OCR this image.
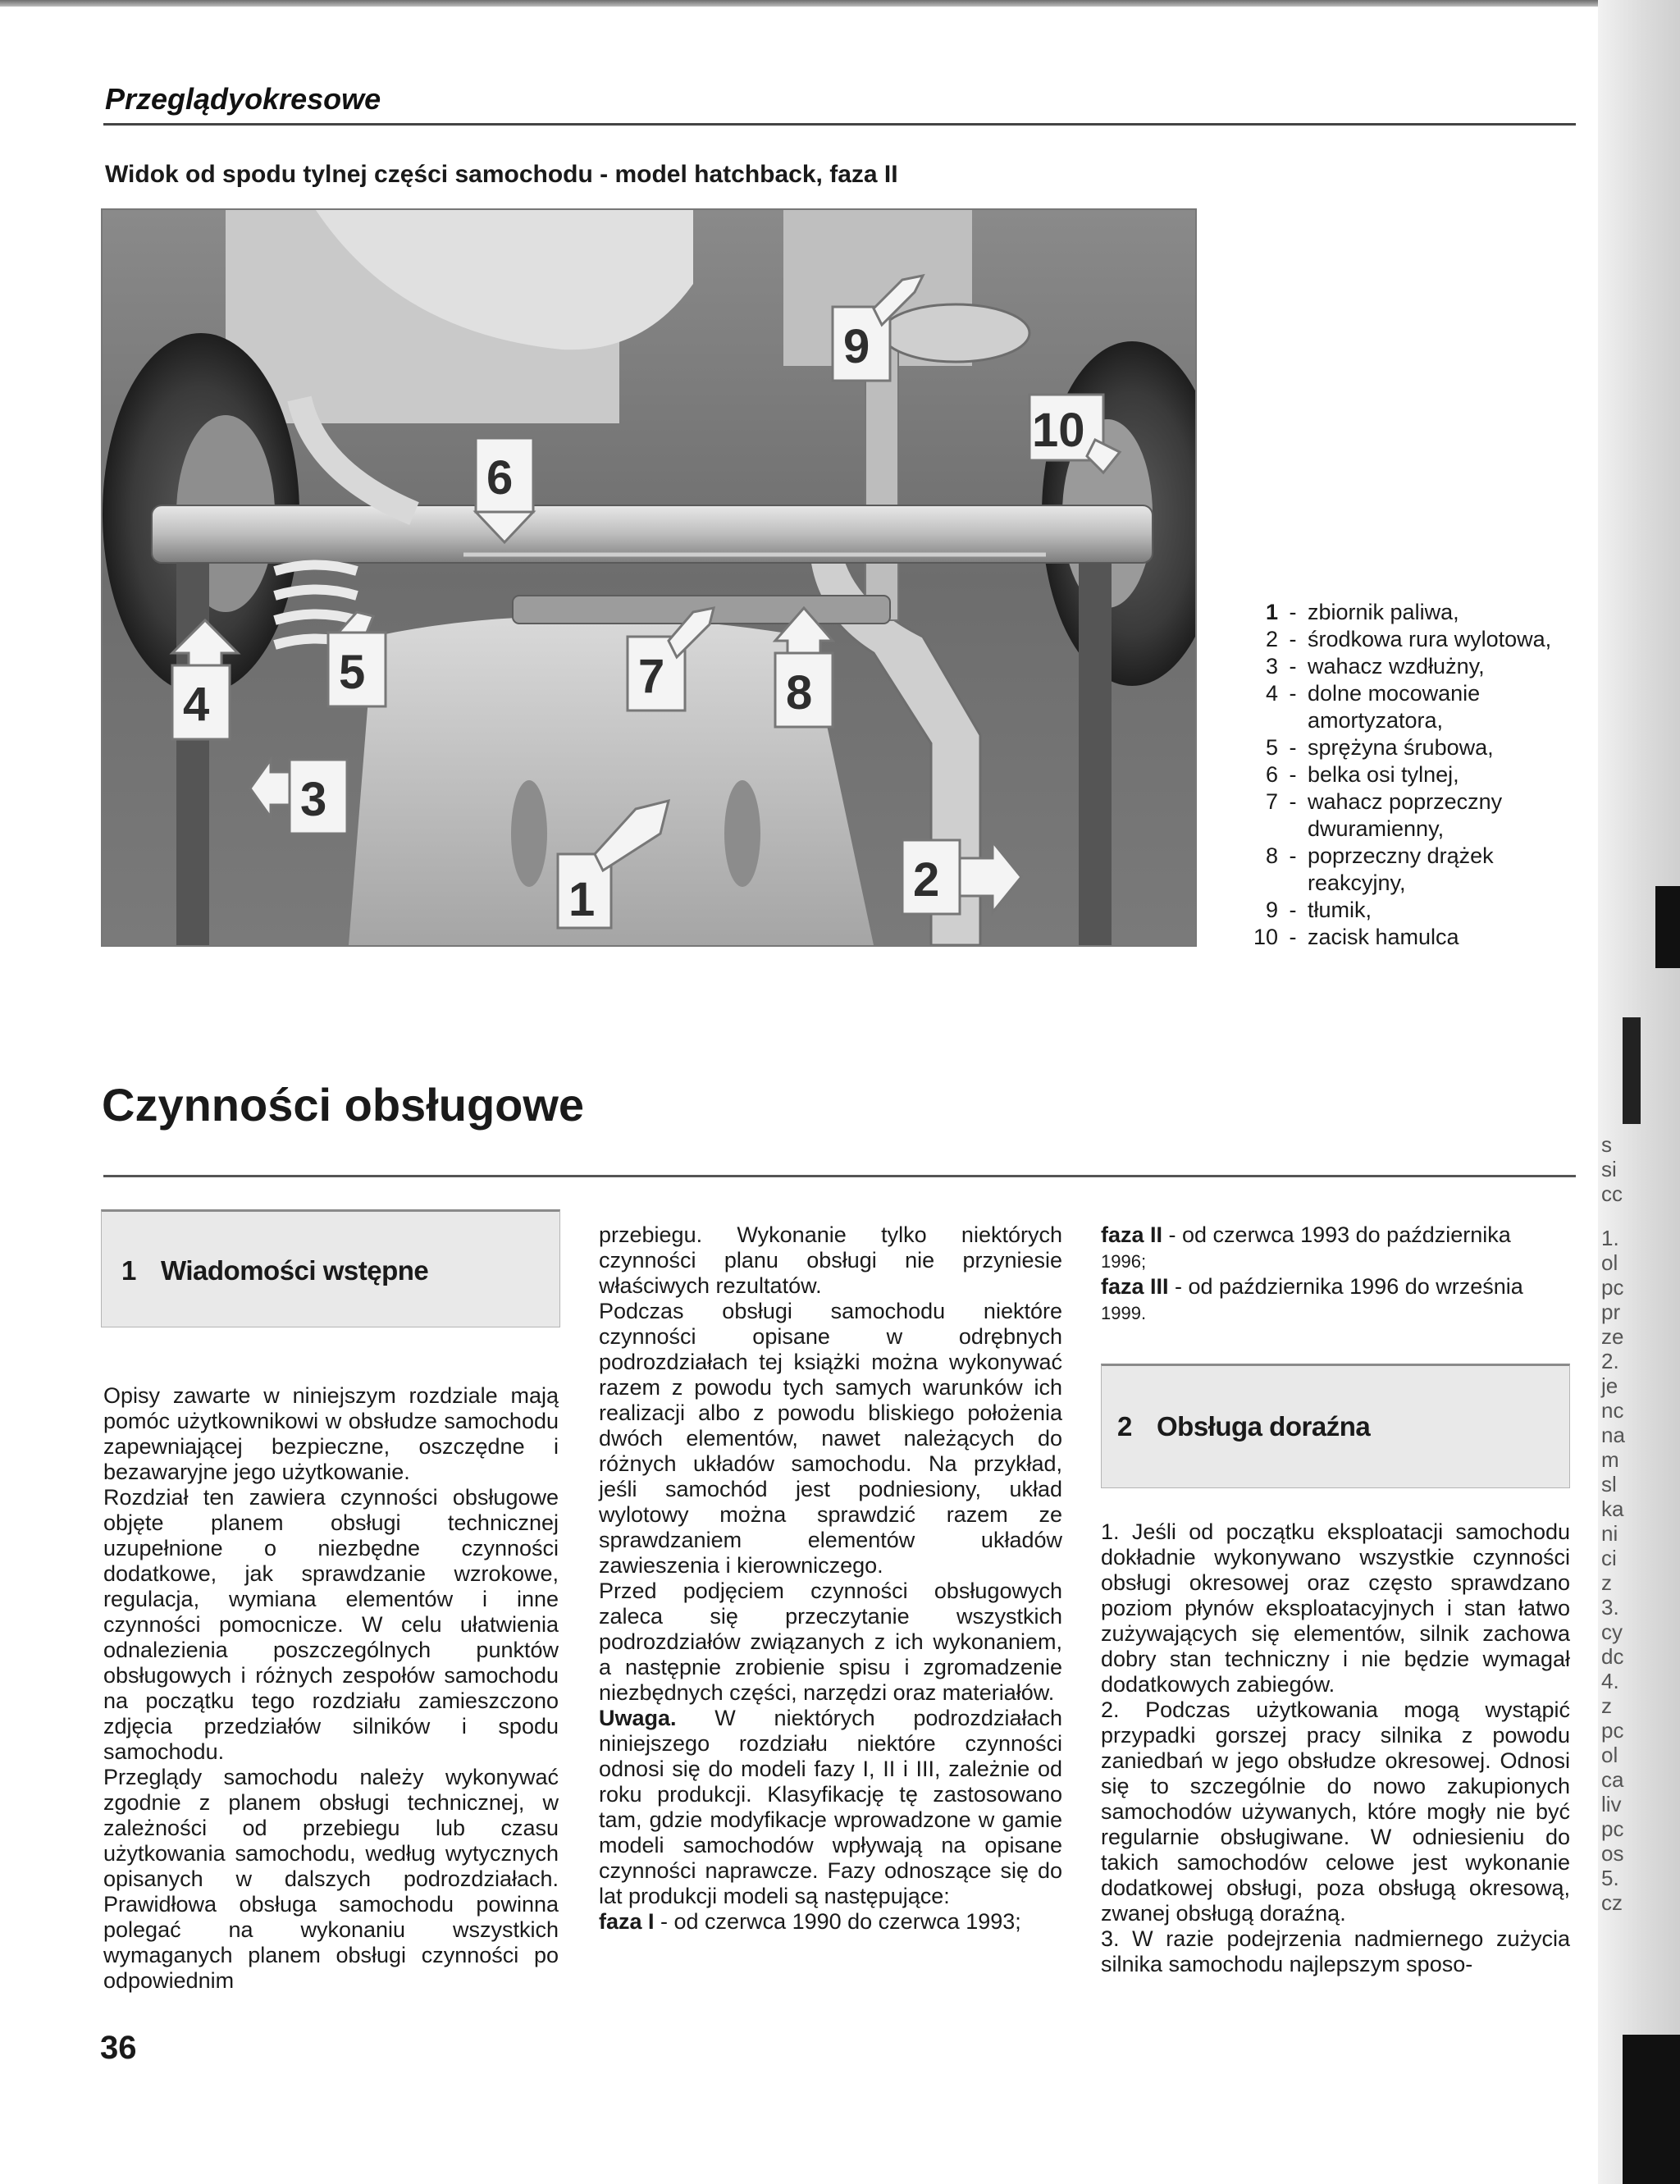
Przeglądyokresowe
Widok od spodu tylnej części samochodu - model hatchback, faza II
1	2
3
4
5
6
7	8
9
10
1 - zbiornik paliwa,
2 - środkowa rura wylotowa,
3 - wahacz wzdłużny,
4 - dolne mocowanie
amortyzatora,
5 - sprężyna śrubowa,
6 - belka osi tylnej,
7 - wahacz poprzeczny
dwuramienny,
8 - poprzeczny drążek
reakcyjny,
9 - tłumik,
10 - zacisk hamulca
Czynności obsługowe
1 Wiadomości wstępne

Opisy zawarte w niniejszym rozdziale mają pomóc użytkownikowi w obsłudze samochodu zapewniającej bezpieczne, oszczędne i bezawaryjne jego użytkowanie.

Rozdział ten zawiera czynności obsługowe objęte planem obsługi technicznej uzupełnione o niezbędne czynności dodatkowe, jak sprawdzanie wzrokowe, regulacja, wymiana elementów i inne czynności pomocnicze. W celu ułatwienia odnalezienia poszczególnych punktów obsługowych i różnych zespołów samochodu na początku tego rozdziału zamieszczono zdjęcia przedziałów silników i spodu samochodu.

Przeglądy samochodu należy wykonywać zgodnie z planem obsługi technicznej, w zależności od przebiegu lub czasu użytkowania samochodu, według wytycznych opisanych w dalszych podrozdziałach. Prawidłowa obsługa samochodu powinna polegać na wykonaniu wszystkich wymaganych planem obsługi czynności po odpowiednim

przebiegu. Wykonanie tylko niektórych czynności planu obsługi nie przyniesie właściwych rezultatów.

Podczas obsługi samochodu niektóre czynności opisane w odrębnych podrozdziałach tej książki można wykonywać razem z powodu tych samych warunków ich realizacji albo z powodu bliskiego położenia dwóch elementów, nawet należących do różnych układów samochodu. Na przykład, jeśli samochód jest podniesiony, układ wylotowy można sprawdzić razem ze sprawdzaniem elementów układów zawieszenia i kierowniczego.

Przed podjęciem czynności obsługowych zaleca się przeczytanie wszystkich podrozdziałów związanych z ich wykonaniem, a następnie zrobienie spisu i zgromadzenie niezbędnych części, narzędzi oraz materiałów.

Uwaga. W niektórych podrozdziałach niniejszego rozdziału niektóre czynności odnosi się do modeli fazy I, II i III, zależnie od roku produkcji. Klasyfikację tę zastosowano tam, gdzie modyfikacje wprowadzone w gamie modeli samochodów wpływają na opisane czynności naprawcze. Fazy odnoszące się do lat produkcji modeli są następujące:

faza I - od czerwca 1990 do czerwca 1993;

faza II - od czerwca 1993 do października
1996;

faza III - od października 1996 do września
1999.

2 Obsługa doraźna

1. Jeśli od początku eksploatacji samochodu dokładnie wykonywano wszystkie czynności obsługi okresowej oraz często sprawdzano poziom płynów eksploatacyjnych i stan łatwo zużywających się elementów, silnik zachowa dobry stan techniczny i nie będzie wymagał dodatkowych zabiegów.

2. Podczas użytkowania mogą wystąpić przypadki gorszej pracy silnika z powodu zaniedbań w jego obsłudze okresowej. Odnosi się to szczególnie do nowo zakupionych samochodów używanych, które mogły nie być regularnie obsługiwane. W odniesieniu do takich samochodów celowe jest wykonanie dodatkowej obsługi, poza obsługą okresową, zwanej obsługą doraźną.

3. W razie podejrzenia nadmiernego zużycia silnika samochodu najlepszym sposo-

36
s
si
cc
1.
ol
pc
pr
ze
2.
je
nc
na
m
sl
ka
ni
ci
z
3.
cy
dc
4.
z
pc
ol
ca
liv
pc
os
5.
cz
